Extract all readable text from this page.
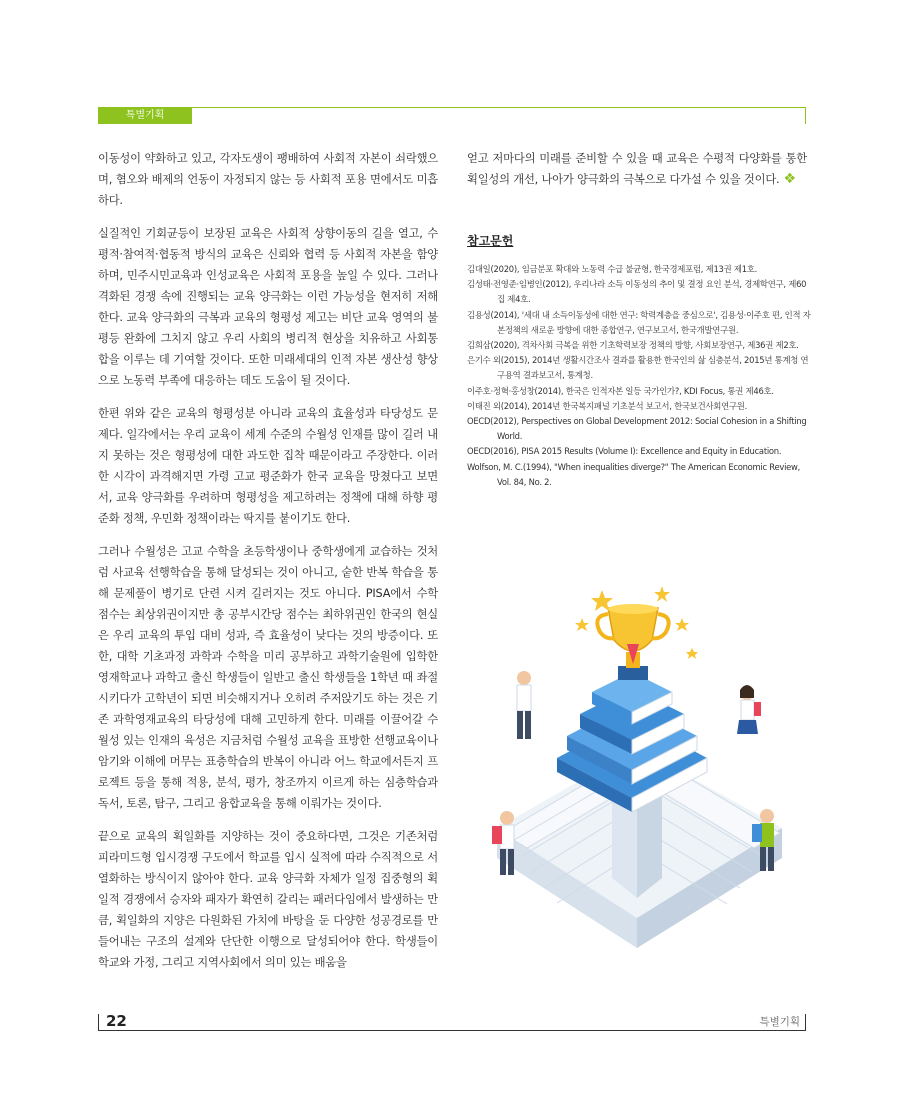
특별기획

이동성이 약화하고 있고, 각자도생이 팽배하여 사회적 자본이 쇠락했으며, 혐오와 배제의 언동이 자정되지 않는 등 사회적 포용 면에서도 미흡하다.

실질적인 기회균등이 보장된 교육은 사회적 상향이동의 길을 열고, 수평적·참여적·협동적 방식의 교육은 신뢰와 협력 등 사회적 자본을 함양하며, 민주시민교육과 인성교육은 사회적 포용을 높일 수 있다. 그러나 격화된 경쟁 속에 진행되는 교육 양극화는 이런 가능성을 현저히 저해한다. 교육 양극화의 극복과 교육의 형평성 제고는 비단 교육 영역의 불평등 완화에 그치지 않고 우리 사회의 병리적 현상을 치유하고 사회통합을 이루는 데 기여할 것이다. 또한 미래세대의 인적 자본 생산성 향상으로 노동력 부족에 대응하는 데도 도움이 될 것이다.

한편 위와 같은 교육의 형평성분 아니라 교육의 효율성과 타당성도 문제다. 일각에서는 우리 교육이 세계 수준의 수월성 인재를 많이 길러 내지 못하는 것은 형평성에 대한 과도한 집착 때문이라고 주장한다. 이러한 시각이 과격해지면 가령 고교 평준화가 한국 교육을 망쳤다고 보면서, 교육 양극화를 우려하며 형평성을 제고하려는 정책에 대해 하향 평준화 정책, 우민화 정책이라는 딱지를 붙이기도 한다.

그러나 수월성은 고교 수학을 초등학생이나 중학생에게 교습하는 것처럼 사교육 선행학습을 통해 달성되는 것이 아니고, 숱한 반복 학습을 통해 문제풀이 병기로 단련 시켜 길러지는 것도 아니다. PISA에서 수학 점수는 최상위권이지만 총 공부시간당 점수는 최하위권인 한국의 현실은 우리 교육의 투입 대비 성과, 즉 효율성이 낮다는 것의 방증이다. 또한, 대학 기초과정 과학과 수학을 미리 공부하고 과학기술원에 입학한 영재학교나 과학고 출신 학생들이 일반고 출신 학생들을 1학년 때 좌절시키다가 고학년이 되면 비슷해지거나 오히려 주저앉기도 하는 것은 기존 과학영재교육의 타당성에 대해 고민하게 한다. 미래를 이끌어갈 수월성 있는 인재의 육성은 지금처럼 수월성 교육을 표방한 선행교육이나 암기와 이해에 머무는 표층학습의 반복이 아니라 어느 학교에서든지 프로젝트 등을 통해 적용, 분석, 평가, 창조까지 이르게 하는 심층학습과 독서, 토론, 탐구, 그리고 융합교육을 통해 이뤄가는 것이다.

끝으로 교육의 획일화를 지양하는 것이 중요하다면, 그것은 기존처럼 피라미드형 입시경쟁 구도에서 학교를 입시 실적에 따라 수직적으로 서열화하는 방식이지 않아야 한다. 교육 양극화 자체가 일정 집중형의 획일적 경쟁에서 승자와 패자가 확연히 갈리는 패러다임에서 발생하는 만큼, 획일화의 지양은 다원화된 가치에 바탕을 둔 다양한 성공경로를 만들어내는 구조의 설계와 단단한 이행으로 달성되어야 한다. 학생들이 학교와 가정, 그리고 지역사회에서 의미 있는 배움을

얻고 저마다의 미래를 준비할 수 있을 때 교육은 수평적 다양화를 통한 획일성의 개선, 나아가 양극화의 극복으로 다가설 수 있을 것이다. ❖

참고문헌
김대일(2020), 임금분포 확대와 노동력 수급 불균형, 한국경제포럼, 제13권 제1호.
김성태·전영준·임병인(2012), 우리나라 소득 이동성의 추이 및 결정 요인 분석, 경제학연구, 제60집 제4호.
김용성(2014), '세대 내 소득이동성에 대한 연구: 학력계층을 중심으로', 김용성·이주호 편, 인적 자본정책의 새로운 방향에 대한 종합연구, 연구보고서, 한국개발연구원.
김희삼(2020), 격차사회 극복을 위한 기초학력보장 정책의 방향, 사회보장연구, 제36권 제2호.
은기수 외(2015), 2014년 생활시간조사 결과를 활용한 한국인의 삶 심층분석, 2015년 통계청 연구용역 결과보고서, 통계청.
이주호·정혁·홍성창(2014), 한국은 인적자본 일등 국가인가?, KDI Focus, 통권 제46호.
이태진 외(2014), 2014년 한국복지패널 기초분석 보고서, 한국보건사회연구원.
OECD(2012), Perspectives on Global Development 2012: Social Cohesion in a Shifting World.
OECD(2016), PISA 2015 Results (Volume I): Excellence and Equity in Education.
Wolfson, M. C.(1994), "When inequalities diverge?" The American Economic Review, Vol. 84, No. 2.
22	특별기획
